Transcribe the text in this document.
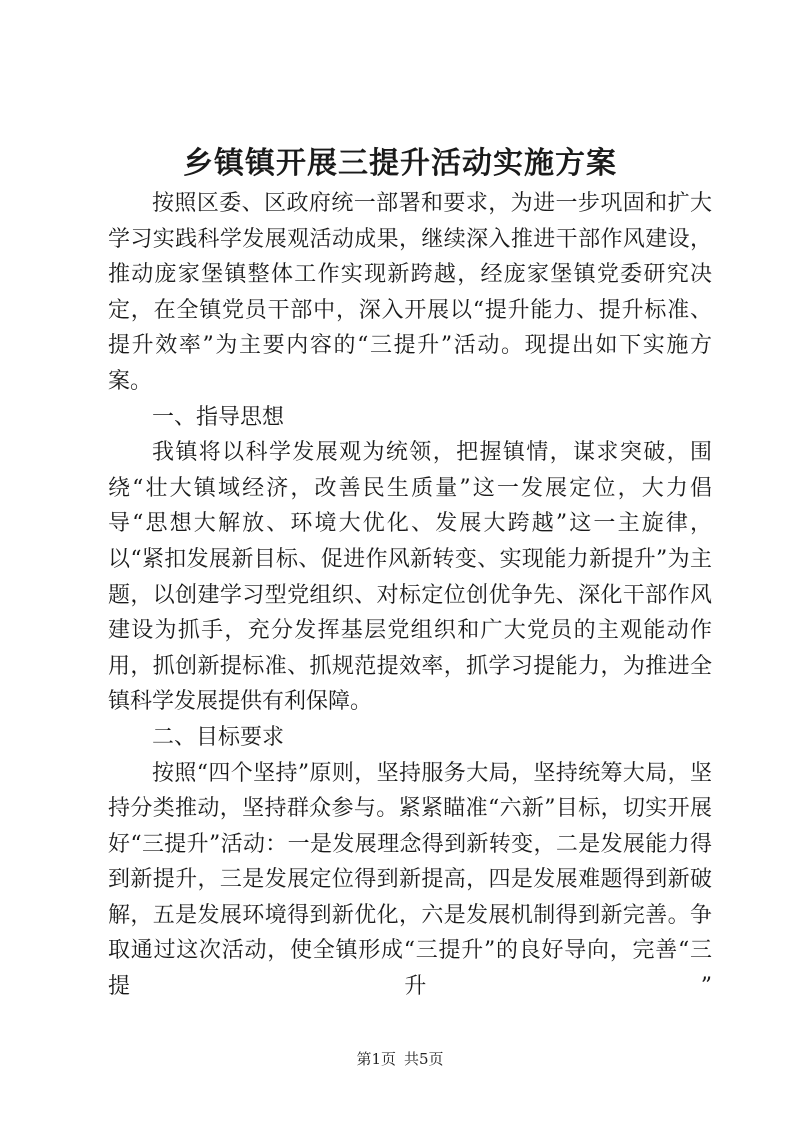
乡镇镇开展三提升活动实施方案

按照区委、区政府统一部署和要求，为进一步巩固和扩大学习实践科学发展观活动成果，继续深入推进干部作风建设，推动庞家堡镇整体工作实现新跨越，经庞家堡镇党委研究决定，在全镇党员干部中，深入开展以“提升能力、提升标准、提升效率”为主要内容的“三提升”活动。现提出如下实施方案。

一、指导思想

我镇将以科学发展观为统领，把握镇情，谋求突破，围绕“壮大镇域经济，改善民生质量”这一发展定位，大力倡导“思想大解放、环境大优化、发展大跨越”这一主旋律，以“紧扣发展新目标、促进作风新转变、实现能力新提升”为主题，以创建学习型党组织、对标定位创优争先、深化干部作风建设为抓手，充分发挥基层党组织和广大党员的主观能动作用，抓创新提标准、抓规范提效率，抓学习提能力，为推进全镇科学发展提供有利保障。

二、目标要求

按照“四个坚持”原则，坚持服务大局，坚持统筹大局，坚持分类推动，坚持群众参与。紧紧瞄准“六新”目标，切实开展好“三提升”活动：一是发展理念得到新转变，二是发展能力得到新提升，三是发展定位得到新提高，四是发展难题得到新破解，五是发展环境得到新优化，六是发展机制得到新完善。争取通过这次活动，使全镇形成“三提升”的良好导向，完善“三提升”

第1页 共5页
